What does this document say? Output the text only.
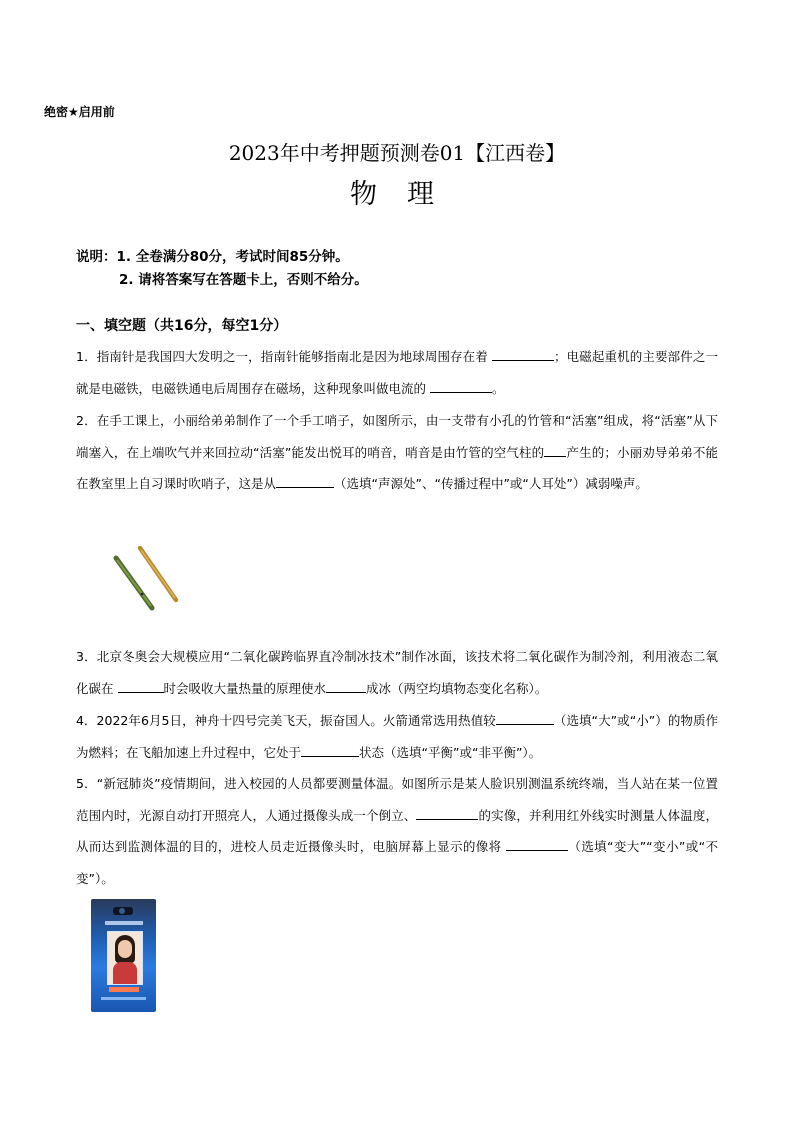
绝密★启用前
2023年中考押题预测卷01【江西卷】
物理
说明：1. 全卷满分80分，考试时间85分钟。
2. 请将答案写在答题卡上，否则不给分。
一、填空题（共16分，每空1分）
1．指南针是我国四大发明之一，指南针能够指南北是因为地球周围存在着	；电磁起重机的主要部件之一就是电磁铁，电磁铁通电后周围存在磁场，这种现象叫做电流的	。
2．在手工课上，小丽给弟弟制作了一个手工哨子，如图所示，由一支带有小孔的竹管和“活塞”组成，将“活塞”从下端塞入，在上端吹气并来回拉动“活塞”能发出悦耳的哨音，哨音是由竹管的空气柱的 产生的；小丽劝导弟弟不能在教室里上自习课时吹哨子，这是从	（选填“声源处”、“传播过程中”或“人耳处”）减弱噪声。
3．北京冬奥会大规模应用“二氧化碳跨临界直冷制冰技术”制作冰面，该技术将二氧化碳作为制冷剂，利用液态二氧化碳在	时会吸收大量热量的原理使水	成冰（两空均填物态变化名称）。
4．2022年6月5日，神舟十四号完美飞天，振奋国人。火箭通常选用热值较	（选填“大”或“小”）的物质作为燃料；在飞船加速上升过程中，它处于	状态（选填“平衡”或“非平衡”）。
5．“新冠肺炎”疫情期间，进入校园的人员都要测量体温。如图所示是某人脸识别测温系统终端，当人站在某一位置范围内时，光源自动打开照亮人，人通过摄像头成一个倒立、	的实像，并利用红外线实时测量人体温度，从而达到监测体温的目的，进校人员走近摄像头时，电脑屏幕上显示的像将	（选填“变大”“变小”或“不变”）。
